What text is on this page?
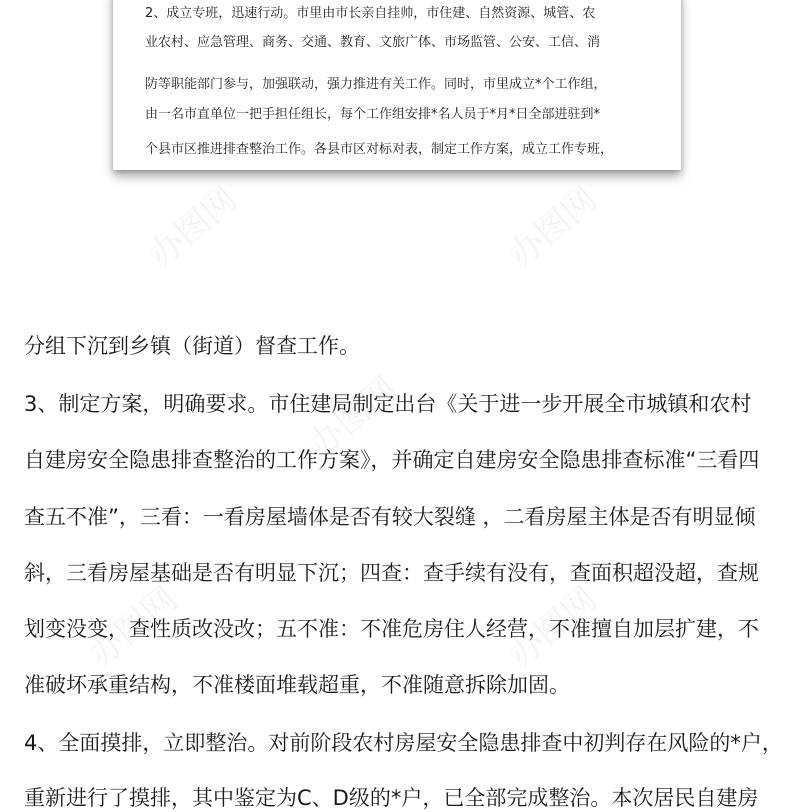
2、成立专班，迅速行动。市里由市长亲自挂帅，市住建、自然资源、城管、农
业农村、应急管理、商务、交通、教育、文旅广体、市场监管、公安、工信、消
防等职能部门参与，加强联动，强力推进有关工作。同时，市里成立*个工作组，
由一名市直单位一把手担任组长，每个工作组安排*名人员于*月*日全部进驻到*
个县市区推进排查整治工作。各县市区对标对表，制定工作方案，成立工作专班，
办图网	办图网
办图网
办图网	办图网
分组下沉到乡镇（街道）督查工作。
3、制定方案，明确要求。市住建局制定出台《关于进一步开展全市城镇和农村
自建房安全隐患排查整治的工作方案》，并确定自建房安全隐患排查标准“三看四
查五不准”，三看：一看房屋墙体是否有较大裂缝 ，二看房屋主体是否有明显倾
斜，三看房屋基础是否有明显下沉；四查：查手续有没有，查面积超没超，查规
划变没变，查性质改没改；五不准：不准危房住人经营，不准擅自加层扩建，不
准破坏承重结构，不准楼面堆载超重，不准随意拆除加固。
4、全面摸排，立即整治。对前阶段农村房屋安全隐患排查中初判存在风险的*户，
重新进行了摸排，其中鉴定为C、D级的*户，已全部完成整治。本次居民自建房
